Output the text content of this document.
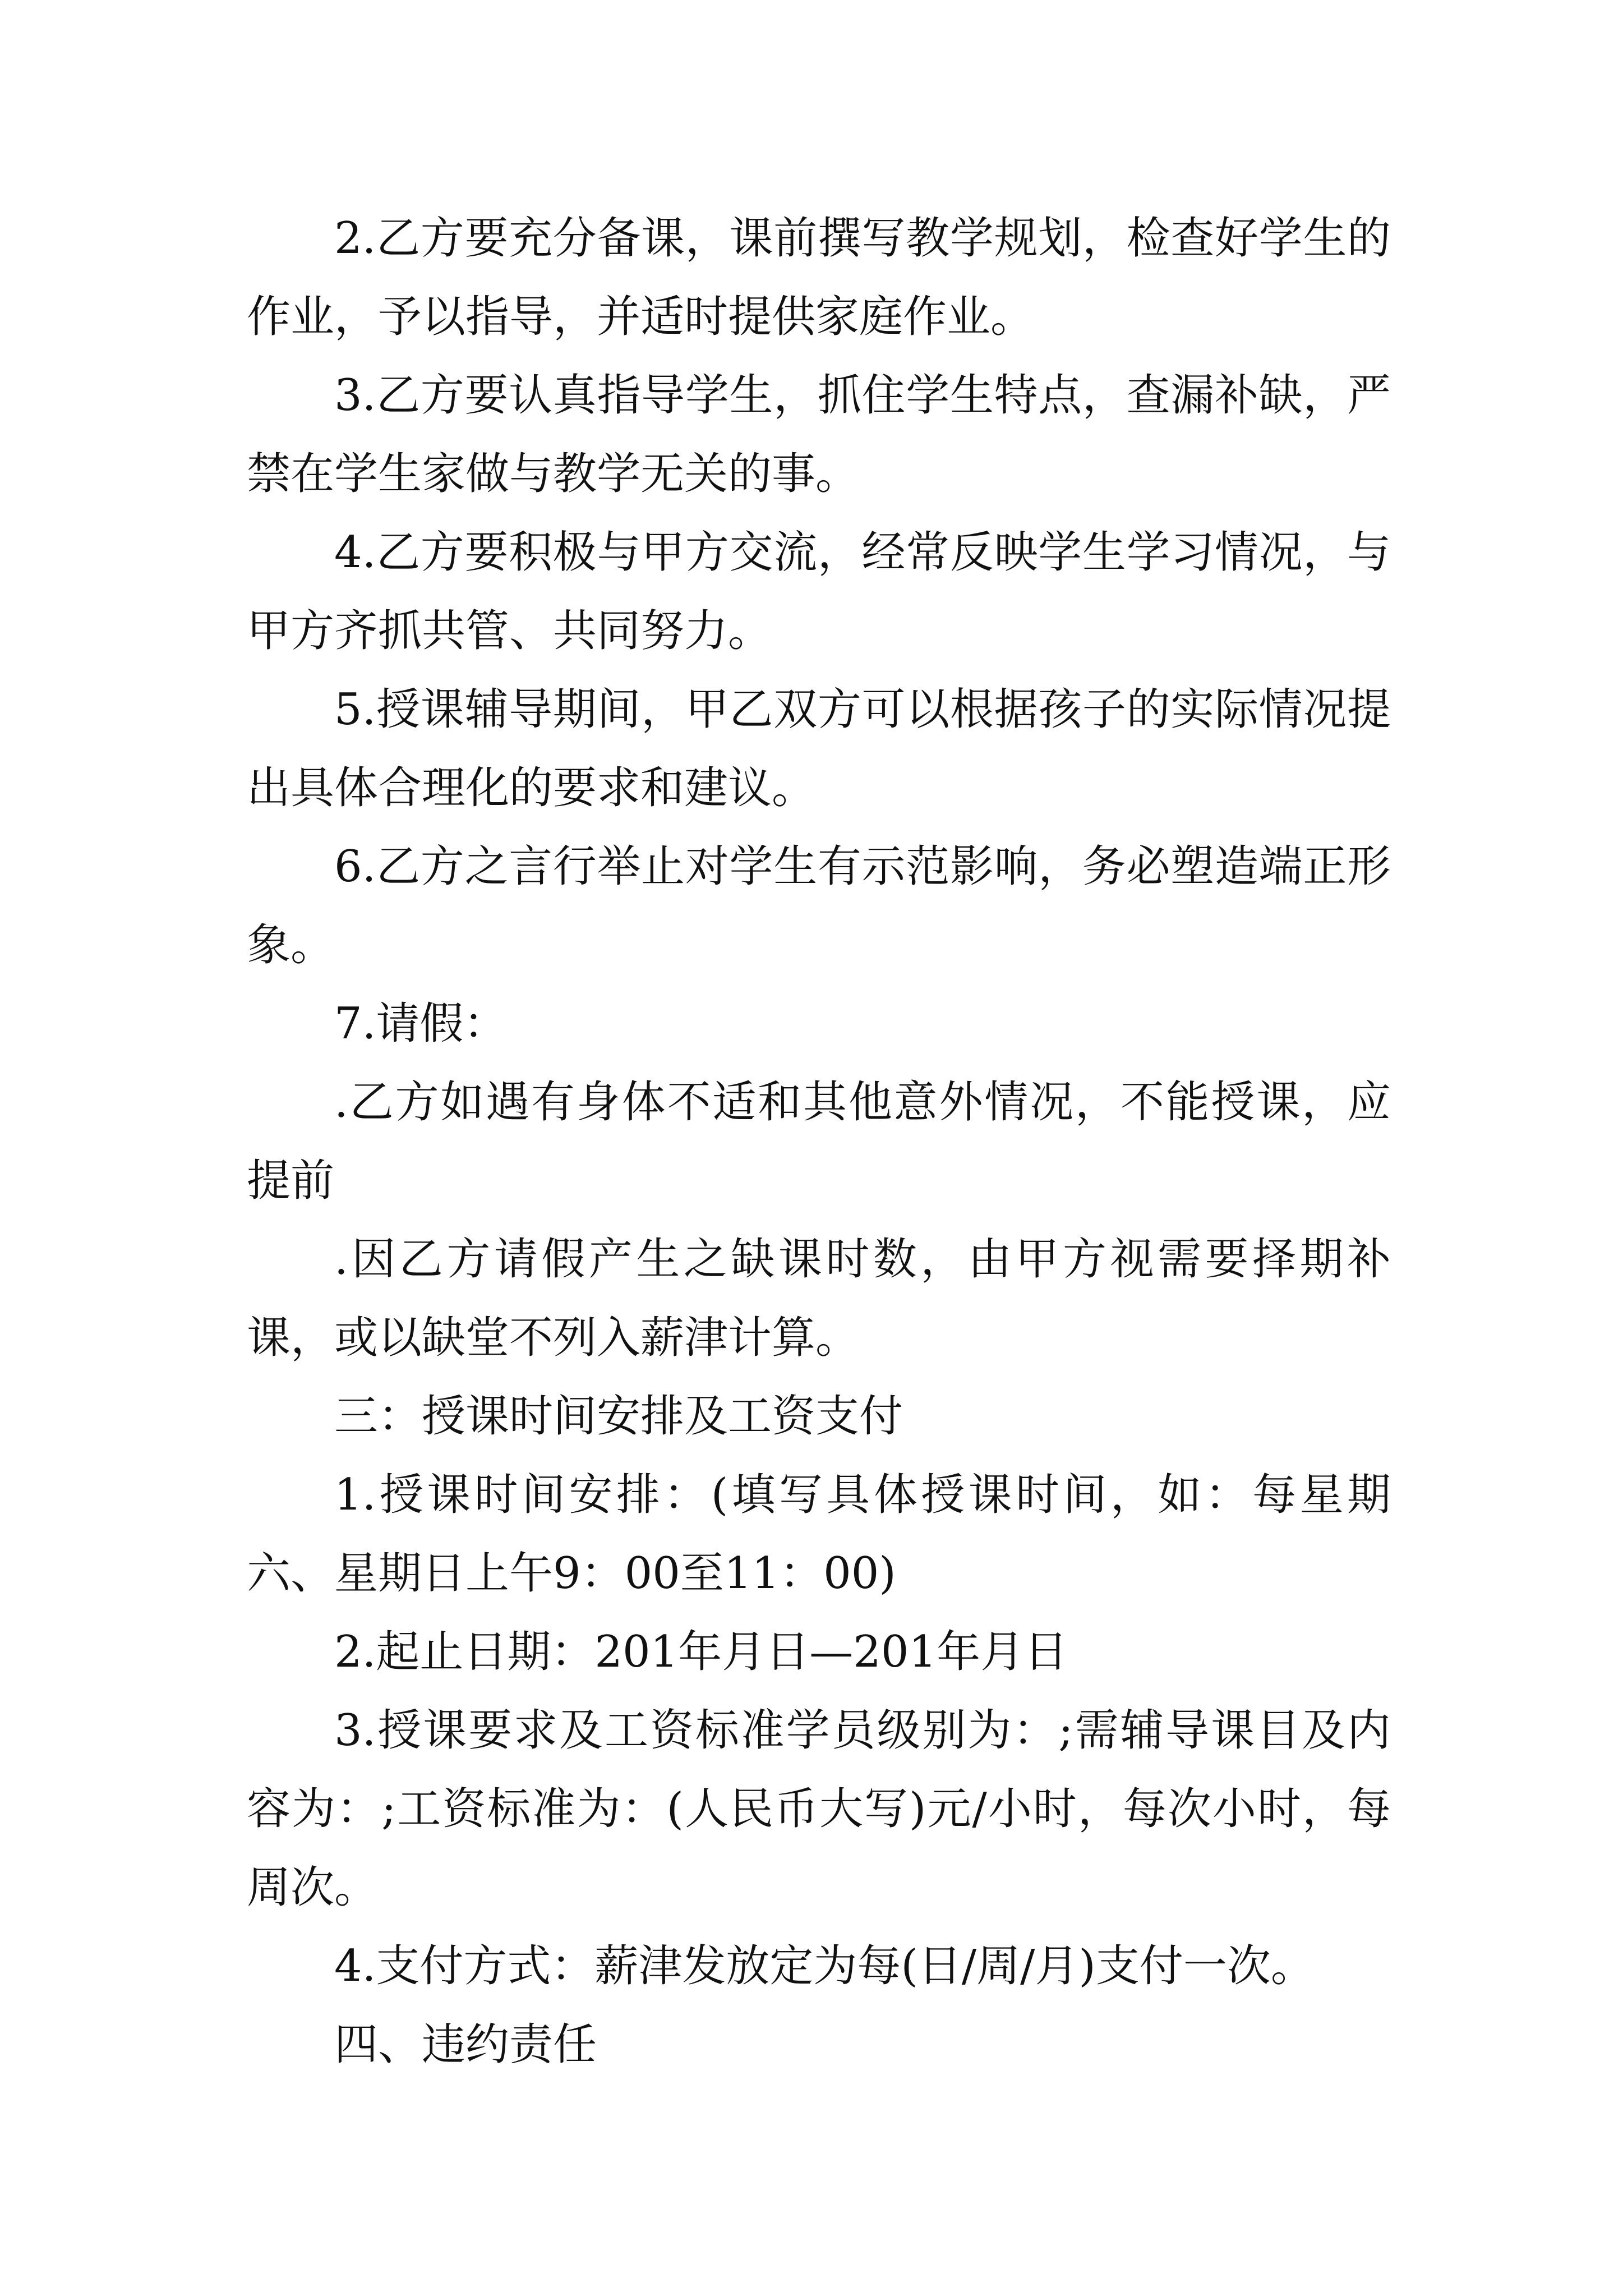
2.乙方要充分备课，课前撰写教学规划，检查好学生的作业，予以指导，并适时提供家庭作业。

3.乙方要认真指导学生，抓住学生特点，查漏补缺，严禁在学生家做与教学无关的事。

4.乙方要积极与甲方交流，经常反映学生学习情况，与甲方齐抓共管、共同努力。

5.授课辅导期间，甲乙双方可以根据孩子的实际情况提出具体合理化的要求和建议。

6.乙方之言行举止对学生有示范影响，务必塑造端正形象。

7.请假：

.乙方如遇有身体不适和其他意外情况，不能授课，应提前

.因乙方请假产生之缺课时数，由甲方视需要择期补课，或以缺堂不列入薪津计算。

三：授课时间安排及工资支付

1.授课时间安排：(填写具体授课时间，如：每星期六、星期日上午9：00至11：00)

2.起止日期：201年月日—201年月日

3.授课要求及工资标准学员级别为：;需辅导课目及内容为：;工资标准为：(人民币大写)元/小时，每次小时，每周次。

4.支付方式：薪津发放定为每(日/周/月)支付一次。

四、违约责任
